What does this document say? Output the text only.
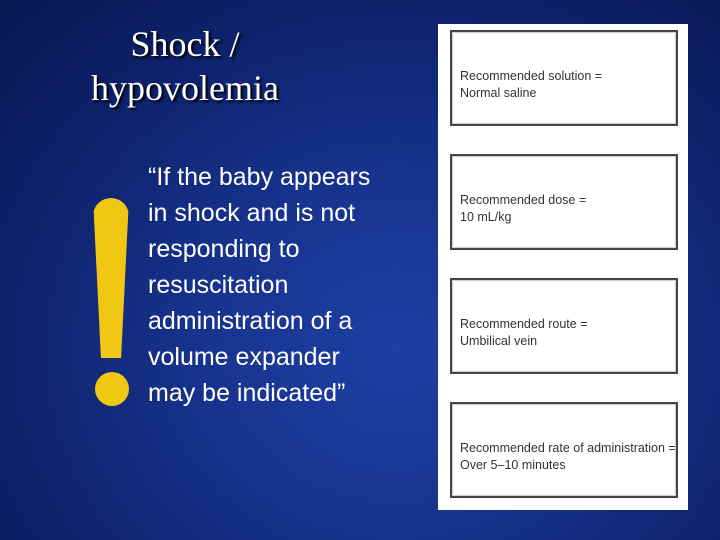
Shock /
hypovolemia
“If the baby appears in shock and is not responding to resuscitation administration of a volume expander may be indicated”
Recommended solution =
Normal saline
Recommended dose =
10 mL/kg
Recommended route =
Umbilical vein
Recommended rate of administration =
Over 5–10 minutes
